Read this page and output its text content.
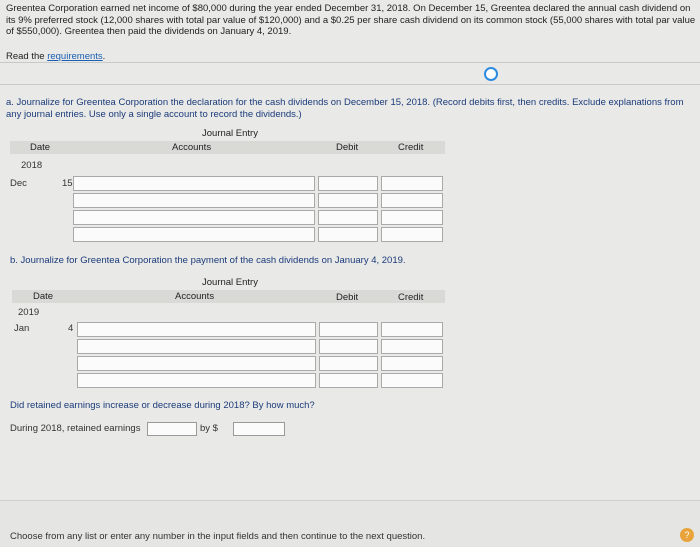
Greentea Corporation earned net income of $80,000 during the year ended December 31, 2018. On December 15, Greentea declared the annual cash dividend on its 9% preferred stock (12,000 shares with total par value of $120,000) and a $0.25 per share cash dividend on its common stock (55,000 shares with total par value of $550,000). Greentea then paid the dividends on January 4, 2019.
Read the requirements.
a. Journalize for Greentea Corporation the declaration for the cash dividends on December 15, 2018. (Record debits first, then credits. Exclude explanations from any journal entries. Use only a single account to record the dividends.)
Journal Entry
Date	Accounts	Debit	Credit
2018
Dec	15
b. Journalize for Greentea Corporation the payment of the cash dividends on January 4, 2019.
Journal Entry
Date	Accounts	Debit	Credit
2019
Jan	4
Did retained earnings increase or decrease during 2018? By how much?
During 2018, retained earnings	by $
Choose from any list or enter any number in the input fields and then continue to the next question.	?
